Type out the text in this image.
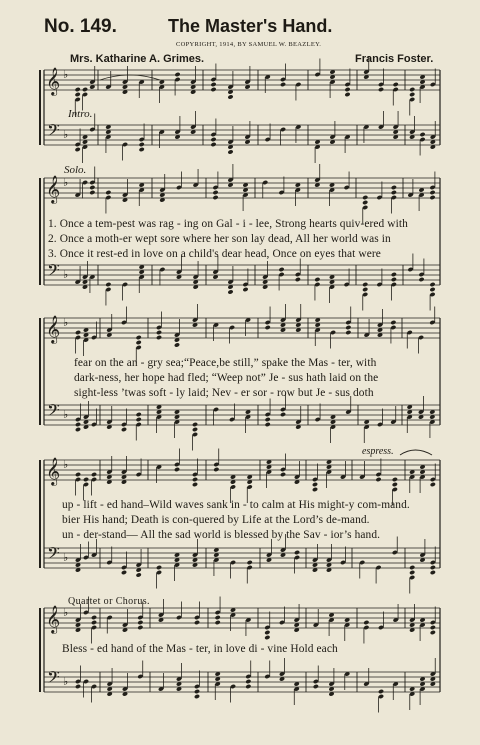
𝄞
𝄢
♭
♭
𝄞
𝄢
♭
♭
𝄞
𝄢
♭
♭
𝄞
𝄢
♭
♭
𝄞
𝄢
♭
♭
No. 149.	The Master's Hand.
COPYRIGHT, 1914, BY SAMUEL W. BEAZLEY.
Mrs. Katharine A. Grimes.	Francis Foster.
Intro.
Solo.
espress.
Quartet or Chorus.
1. Once a tem-pest was rag - ing on Gal - i - lee, Strong hearts quiv-ered with
2. Once a moth-er wept sore where her son lay dead, All her world was in
3. Once it rest-ed in love on a child's dear head, Once on eyes that were
fear on the an - gry sea;“Peace,be still,” spake the Mas - ter, with
dark-ness, her hope had fled; “Weep not” Je - sus hath laid on the
sight-less ’twas soft - ly laid; Nev - er sor - row but Je - sus doth
up - lift - ed hand–Wild waves sank in - to calm at His might-y com-mand.
bier His hand; Death is con-quered by Life at the Lord’s de-mand.
un - der-stand— All the sad world is blessed by the Sav - ior’s hand.
Bless - ed hand of the Mas - ter, in love di - vine Hold each
